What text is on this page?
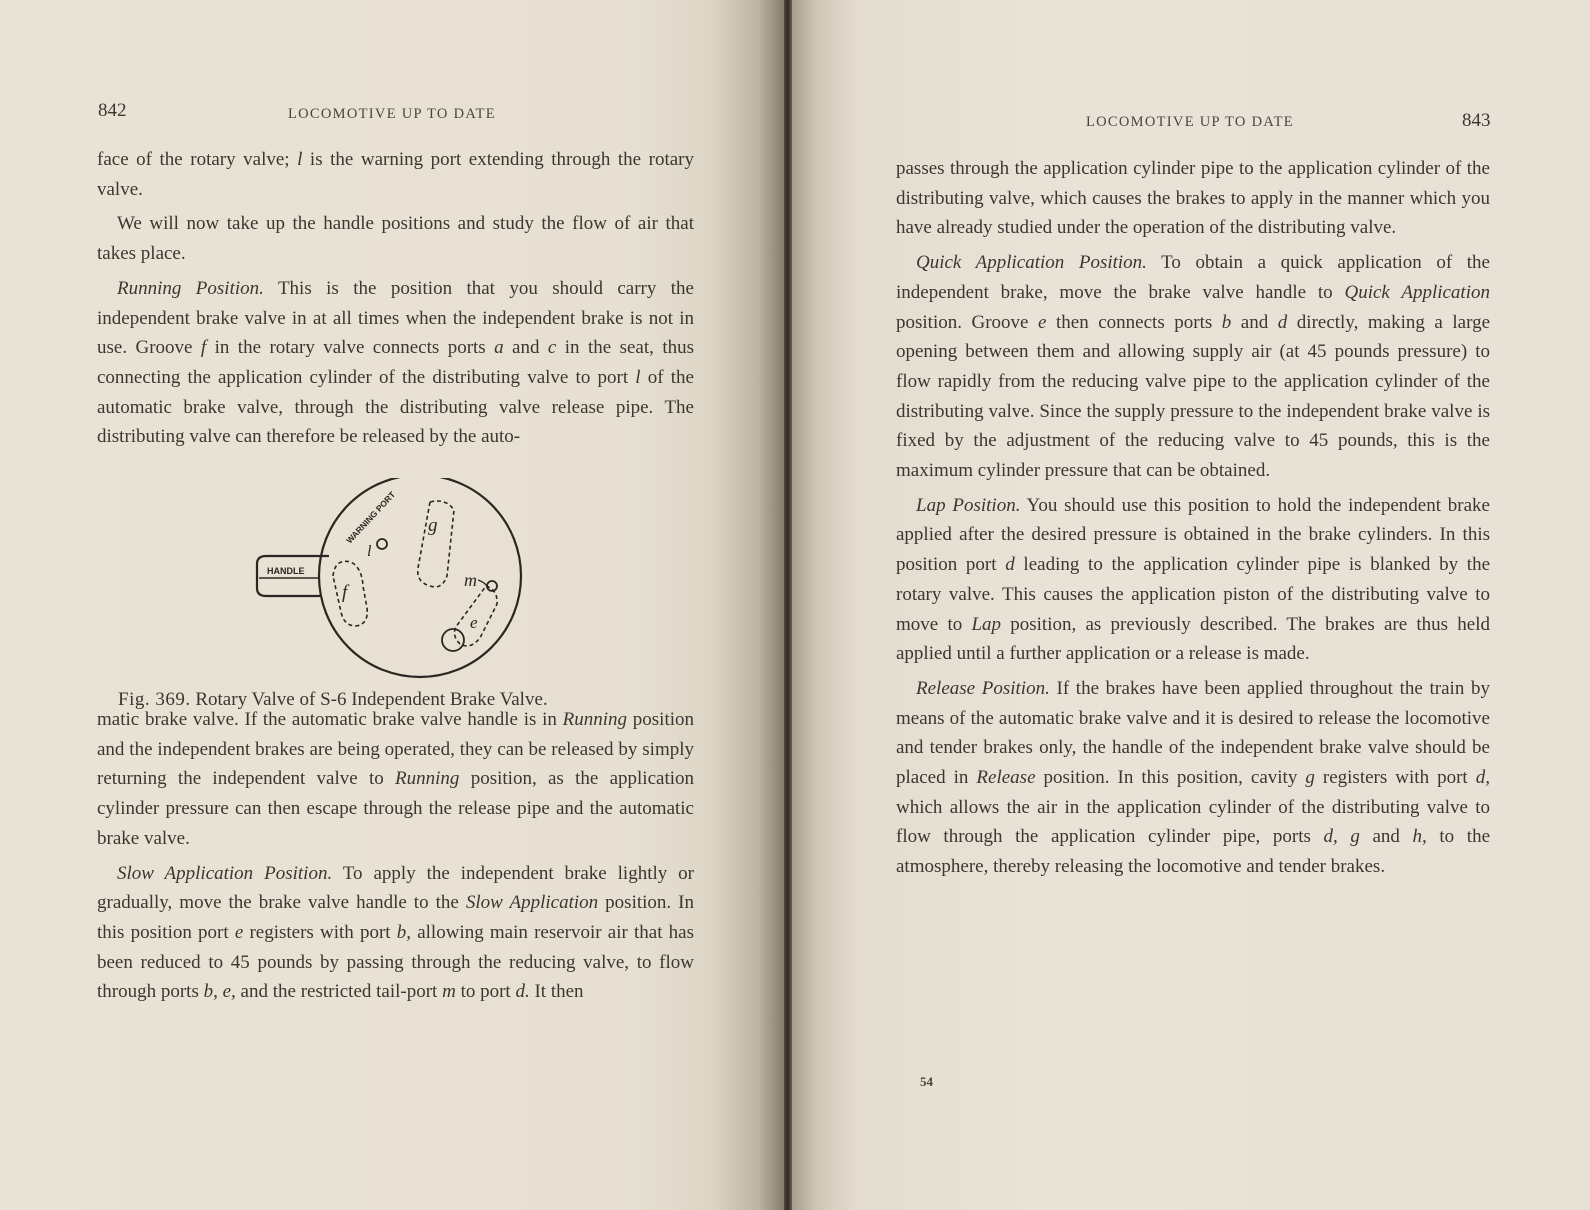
842	LOCOMOTIVE UP TO DATE

face of the rotary valve; l is the warning port extending through the rotary valve.

We will now take up the handle positions and study the flow of air that takes place.

Running Position. This is the position that you should carry the independent brake valve in at all times when the independent brake is not in use. Groove f in the rotary valve connects ports a and c in the seat, thus connecting the application cylinder of the distributing valve to port l of the automatic brake valve, through the distributing valve release pipe. The distributing valve can therefore be released by the auto-

HANDLE
WARNING PORT
f
l
g
m
e
Fig. 369. Rotary Valve of S-6 Independent Brake Valve.

matic brake valve. If the automatic brake valve handle is in Running position and the independent brakes are being operated, they can be released by simply returning the independent valve to Running position, as the application cylinder pressure can then escape through the release pipe and the automatic brake valve.

Slow Application Position. To apply the independent brake lightly or gradually, move the brake valve handle to the Slow Application position. In this position port e registers with port b, allowing main reservoir air that has been reduced to 45 pounds by passing through the reducing valve, to flow through ports b, e, and the restricted tail-port m to port d. It then

LOCOMOTIVE UP TO DATE	843

passes through the application cylinder pipe to the application cylinder of the distributing valve, which causes the brakes to apply in the manner which you have already studied under the operation of the distributing valve.

Quick Application Position. To obtain a quick application of the independent brake, move the brake valve handle to Quick Application position. Groove e then connects ports b and d directly, making a large opening between them and allowing supply air (at 45 pounds pressure) to flow rapidly from the reducing valve pipe to the application cylinder of the distributing valve. Since the supply pressure to the independent brake valve is fixed by the adjustment of the reducing valve to 45 pounds, this is the maximum cylinder pressure that can be obtained.

Lap Position. You should use this position to hold the independent brake applied after the desired pressure is obtained in the brake cylinders. In this position port d leading to the application cylinder pipe is blanked by the rotary valve. This causes the application piston of the distributing valve to move to Lap position, as previously described. The brakes are thus held applied until a further application or a release is made.

Release Position. If the brakes have been applied throughout the train by means of the automatic brake valve and it is desired to release the locomotive and tender brakes only, the handle of the independent brake valve should be placed in Release position. In this position, cavity g registers with port d, which allows the air in the application cylinder of the distributing valve to flow through the application cylinder pipe, ports d, g and h, to the atmosphere, thereby releasing the locomotive and tender brakes.

54
